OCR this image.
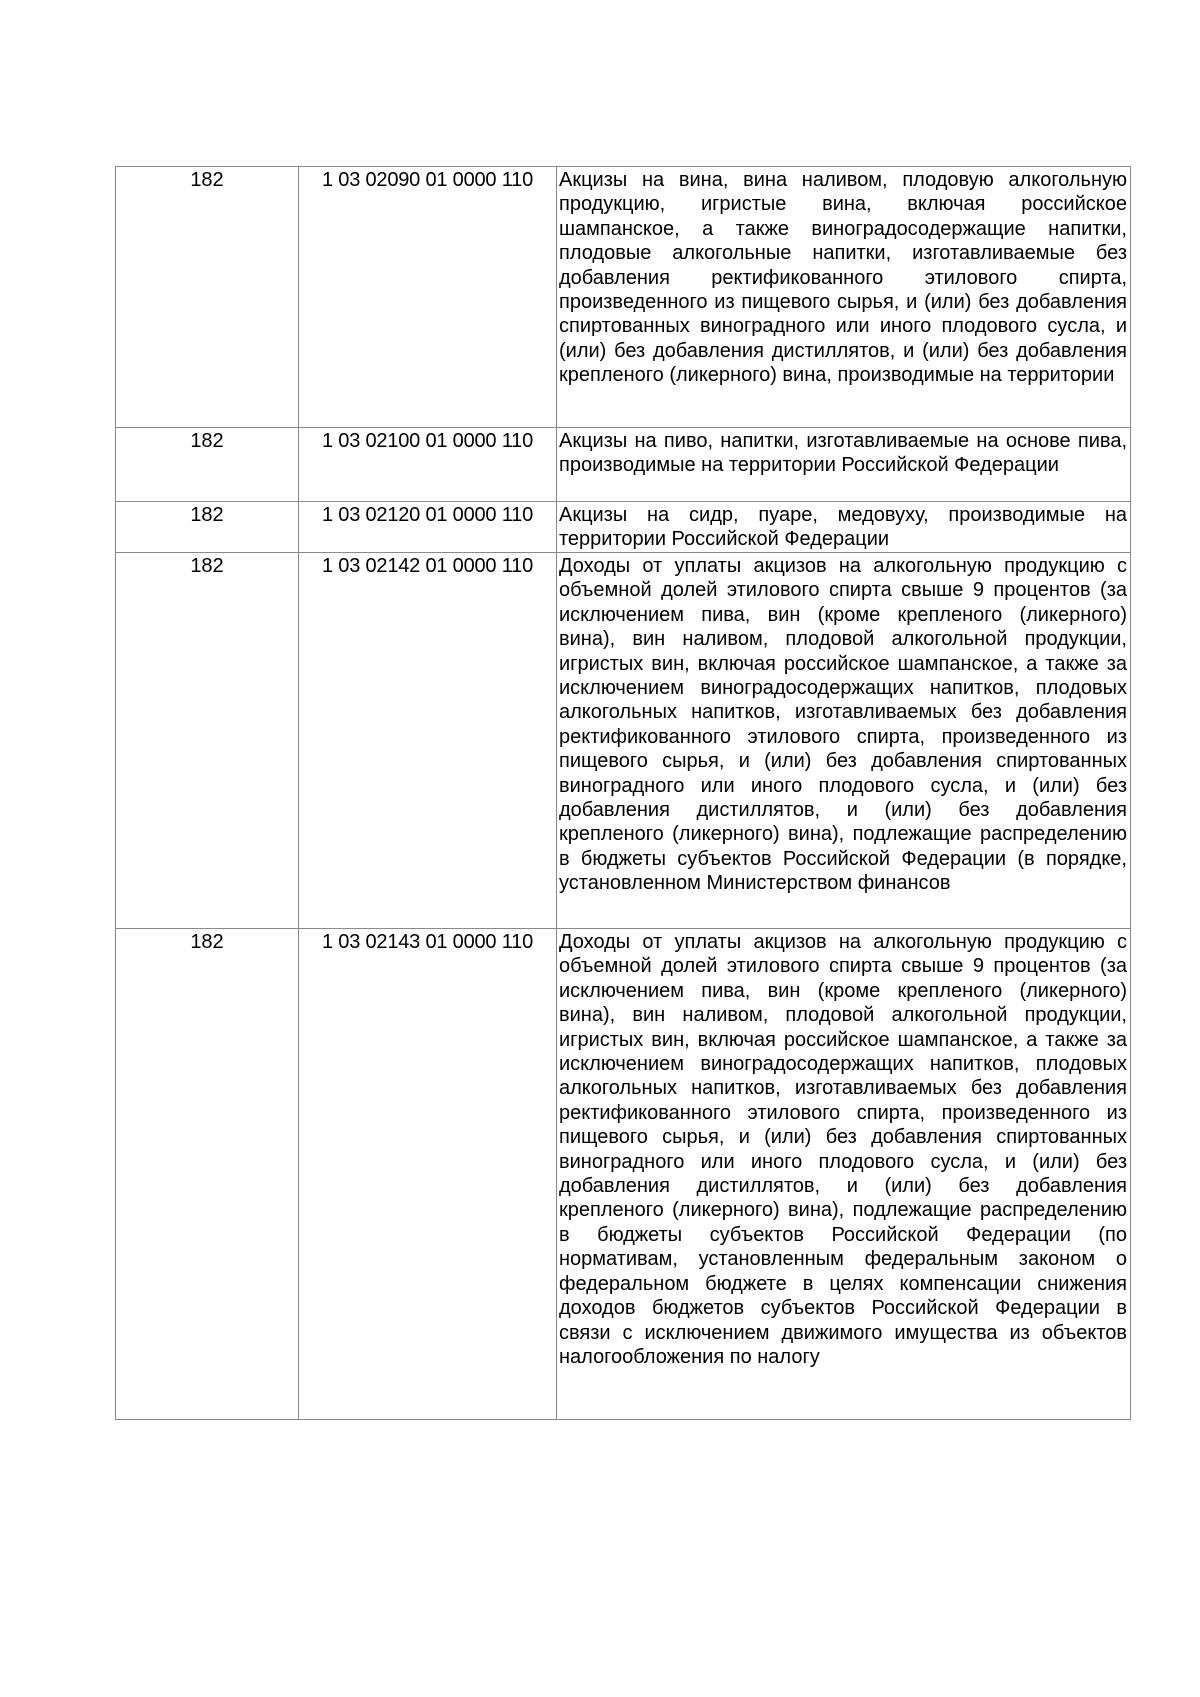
182	1 03 02090 01 0000 110	Акцизы на вина, вина наливом, плодовую алкогольную продукцию, игристые вина, включая российское шампанское, а также виноградосодержащие напитки, плодовые алкогольные напитки, изготавливаемые без добавления ректификованного этилового спирта, произведенного из пищевого сырья, и (или) без добавления спиртованных виноградного или иного плодового сусла, и (или) без добавления дистиллятов, и (или) без добавления крепленого (ликерного) вина, производимые на территории

182	1 03 02100 01 0000 110	Акцизы на пиво, напитки, изготавливаемые на основе пива, производимые на территории Российской Федерации

182	1 03 02120 01 0000 110	Акцизы на сидр, пуаре, медовуху, производимые на территории Российской Федерации

182	1 03 02142 01 0000 110	Доходы от уплаты акцизов на алкогольную продукцию с объемной долей этилового спирта свыше 9 процентов (за исключением пива, вин (кроме крепленого (ликерного) вина), вин наливом, плодовой алкогольной продукции, игристых вин, включая российское шампанское, а также за исключением виноградосодержащих напитков, плодовых алкогольных напитков, изготавливаемых без добавления ректификованного этилового спирта, произведенного из пищевого сырья, и (или) без добавления спиртованных виноградного или иного плодового сусла, и (или) без добавления дистиллятов, и (или) без добавления крепленого (ликерного) вина), подлежащие распределению в бюджеты субъектов Российской Федерации (в порядке, установленном Министерством финансов

182	1 03 02143 01 0000 110	Доходы от уплаты акцизов на алкогольную продукцию с объемной долей этилового спирта свыше 9 процентов (за исключением пива, вин (кроме крепленого (ликерного) вина), вин наливом, плодовой алкогольной продукции, игристых вин, включая российское шампанское, а также за исключением виноградосодержащих напитков, плодовых алкогольных напитков, изготавливаемых без добавления ректификованного этилового спирта, произведенного из пищевого сырья, и (или) без добавления спиртованных виноградного или иного плодового сусла, и (или) без добавления дистиллятов, и (или) без добавления крепленого (ликерного) вина), подлежащие распределению в бюджеты субъектов Российской Федерации (по нормативам, установленным федеральным законом о федеральном бюджете в целях компенсации снижения доходов бюджетов субъектов Российской Федерации в связи с исключением движимого имущества из объектов налогообложения по налогу
